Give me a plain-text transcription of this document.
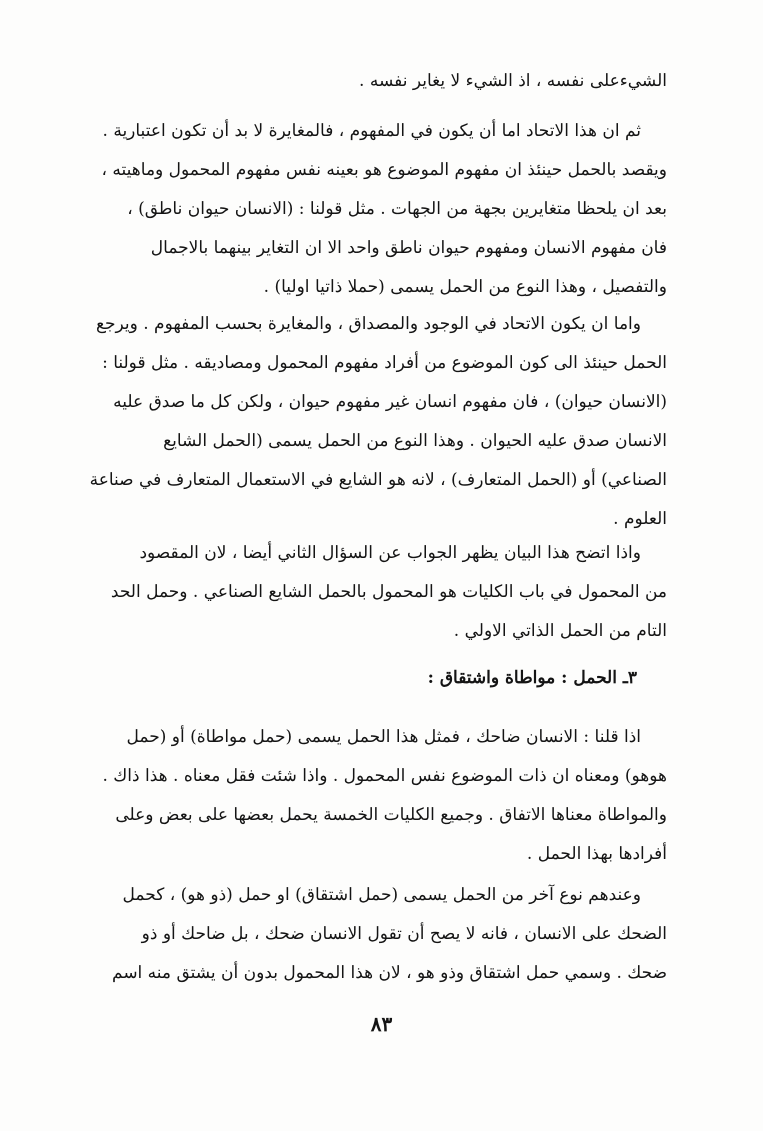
الشيءعلى نفسه ، اذ الشيء لا يغاير نفسه .
ثم ان هذا الاتحاد اما أن يكون في المفهوم ، فالمغايرة لا بد أن تكون اعتبارية .
ويقصد بالحمل حينئذ ان مفهوم الموضوع هو بعينه نفس مفهوم المحمول وماهيته ،
بعد ان يلحظا متغايرين بجهة من الجهات . مثل قولنا : (الانسان حيوان ناطق) ،
فان مفهوم الانسان ومفهوم حيوان ناطق واحد الا ان التغاير بينهما بالاجمال
والتفصيل ، وهذا النوع من الحمل يسمى (حملا ذاتيا اوليا) .
واما ان يكون الاتحاد في الوجود والمصداق ، والمغايرة بحسب المفهوم . ويرجع
الحمل حينئذ الى كون الموضوع من أفراد مفهوم المحمول ومصاديقه . مثل قولنا :
(الانسان حيوان) ، فان مفهوم انسان غير مفهوم حيوان ، ولكن كل ما صدق عليه
الانسان صدق عليه الحيوان . وهذا النوع من الحمل يسمى (الحمل الشايع
الصناعي) أو (الحمل المتعارف) ، لانه هو الشايع في الاستعمال المتعارف في صناعة
العلوم .
واذا اتضح هذا البيان يظهر الجواب عن السؤال الثاني أيضا ، لان المقصود
من المحمول في باب الكليات هو المحمول بالحمل الشايع الصناعي . وحمل الحد
التام من الحمل الذاتي الاولي .
٣ـ الحمل : مواطاة واشتقاق :
اذا قلنا : الانسان ضاحك ، فمثل هذا الحمل يسمى (حمل مواطاة) أو (حمل
هوهو) ومعناه ان ذات الموضوع نفس المحمول . واذا شئت فقل معناه . هذا ذاك .
والمواطاة معناها الاتفاق . وجميع الكليات الخمسة يحمل بعضها على بعض وعلى
أفرادها بهذا الحمل .
وعندهم نوع آخر من الحمل يسمى (حمل اشتقاق) او حمل (ذو هو) ، كحمل
الضحك على الانسان ، فانه لا يصح أن تقول الانسان ضحك ، بل ضاحك أو ذو
ضحك . وسمي حمل اشتقاق وذو هو ، لان هذا المحمول بدون أن يشتق منه اسم
٨٣
